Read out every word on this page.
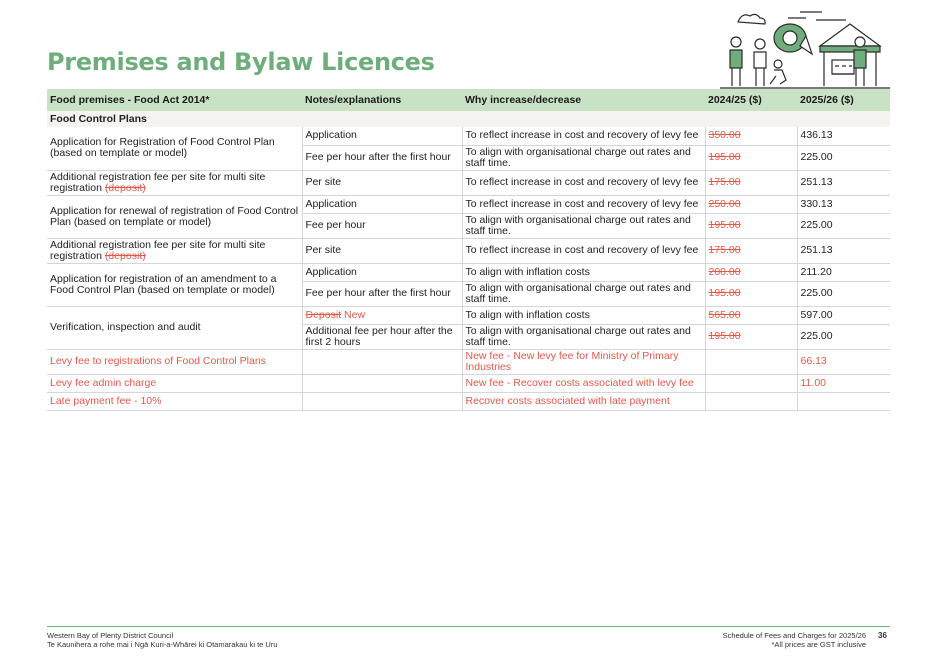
Premises and Bylaw Licences
Food premises - Food Act 2014*	Notes/explanations	Why increase/decrease	2024/25 ($)	2025/26 ($)
Food Control Plans				
Application for Registration of Food Control Plan (based on template or model)	Application	To reflect increase in cost and recovery of levy fee	350.00	436.13
	Fee per hour after the first hour	To align with organisational charge out rates and staff time.	195.00	225.00
Additional registration fee per site for multi site registration (deposit)	Per site	To reflect increase in cost and recovery of levy fee	175.00	251.13
Application for renewal of registration of Food Control Plan (based on template or model)	Application	To reflect increase in cost and recovery of levy fee	250.00	330.13
	Fee per hour	To align with organisational charge out rates and staff time.	195.00	225.00
Additional registration fee per site for multi site registration (deposit)	Per site	To reflect increase in cost and recovery of levy fee	175.00	251.13
Application for registration of an amendment to a Food Control Plan (based on template or model)	Application	To align with inflation costs	200.00	211.20
	Fee per hour after the first hour	To align with organisational charge out rates and staff time.	195.00	225.00
Verification, inspection and audit	Deposit New	To align with inflation costs	565.00	597.00
	Additional fee per hour after the first 2 hours	To align with organisational charge out rates and staff time.	195.00	225.00
Levy fee to registrations of Food Control Plans		New fee - New levy fee for Ministry of Primary Industries		66.13
Levy fee admin charge		New fee - Recover costs associated with levy fee		11.00
Late payment fee - 10%		Recover costs associated with late payment		
Western Bay of Plenty District Council
Te Kaunihera a rohe mai i Ngā Kuri-a-Whārei ki Otamarakau ki te Uru
Schedule of Fees and Charges for 2025/26
*All prices are GST inclusive
36
